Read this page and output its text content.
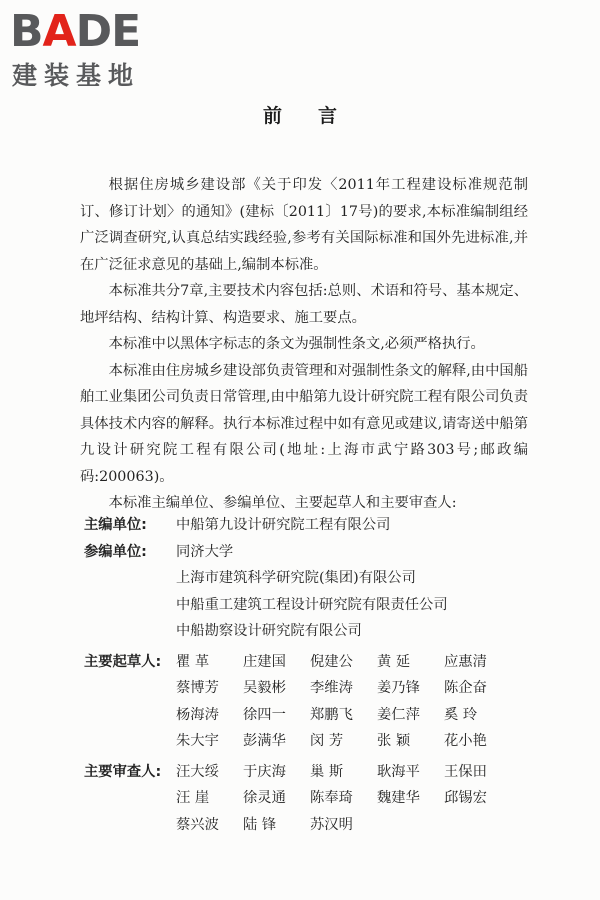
BADE
建装基地
前言

根据住房城乡建设部《关于印发〈2011年工程建设标准规范制订、修订计划〉的通知》(建标〔2011〕17号)的要求,本标准编制组经广泛调查研究,认真总结实践经验,参考有关国际标准和国外先进标准,并在广泛征求意见的基础上,编制本标准。

本标准共分7章,主要技术内容包括:总则、术语和符号、基本规定、地坪结构、结构计算、构造要求、施工要点。

本标准中以黑体字标志的条文为强制性条文,必须严格执行。

本标准由住房城乡建设部负责管理和对强制性条文的解释,由中国船舶工业集团公司负责日常管理,由中船第九设计研究院工程有限公司负责具体技术内容的解释。执行本标准过程中如有意见或建议,请寄送中船第九设计研究院工程有限公司(地址:上海市武宁路303号;邮政编码:200063)。

本标准主编单位、参编单位、主要起草人和主要审查人:

主编单位:	中船第九设计研究院工程有限公司
参编单位:	同济大学
上海市建筑科学研究院(集团)有限公司
中船重工建筑工程设计研究院有限责任公司
中船勘察设计研究院有限公司
主要起草人:	瞿 革	庄建国	倪建公	黄 延	应惠清
蔡博芳	吴毅彬	李维涛	姜乃锋	陈企奋
杨海涛	徐四一	郑鹏飞	姜仁萍	奚 玲
朱大宇	彭满华	闵 芳	张 颖	花小艳
主要审查人:	汪大绥	于庆海	巢 斯	耿海平	王保田
汪 崖	徐灵通	陈奉琦	魏建华	邱锡宏
蔡兴波	陆 锋	苏汉明
